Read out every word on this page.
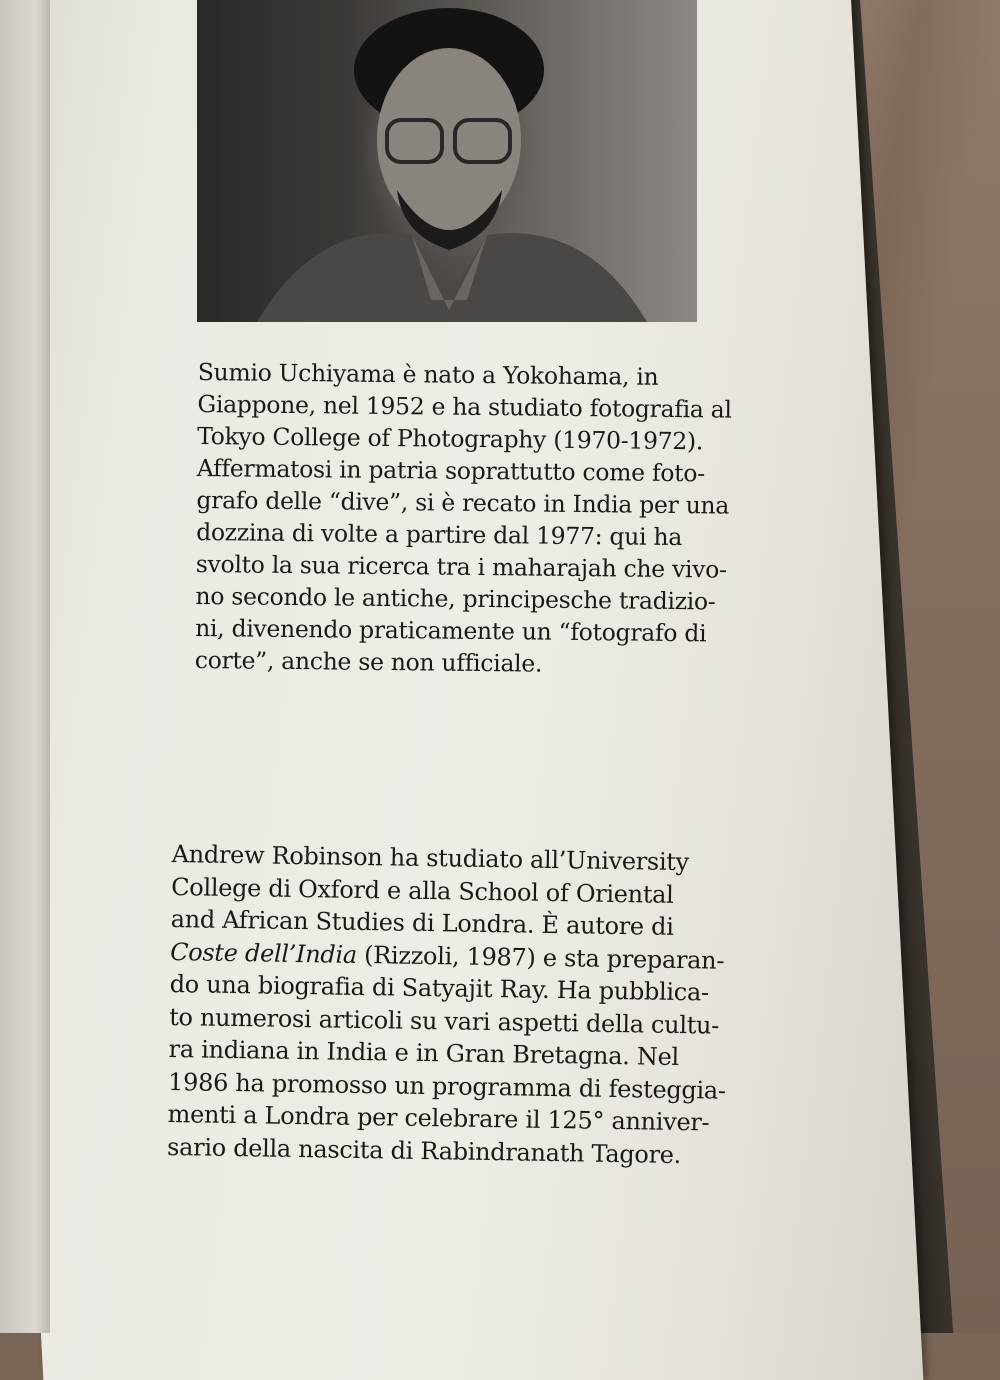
Sumio Uchiyama è nato a Yokohama, in
Giappone, nel 1952 e ha studiato fotografia al
Tokyo College of Photography (1970-1972).
Affermatosi in patria soprattutto come foto-
grafo delle “dive”, si è recato in India per una
dozzina di volte a partire dal 1977: qui ha
svolto la sua ricerca tra i maharajah che vivo-
no secondo le antiche, principesche tradizio-
ni, divenendo praticamente un “fotografo di
corte”, anche se non ufficiale.

Andrew Robinson ha studiato all’University
College di Oxford e alla School of Oriental
and African Studies di Londra. È autore di
Coste dell’India (Rizzoli, 1987) e sta preparan-
do una biografia di Satyajit Ray. Ha pubblica-
to numerosi articoli su vari aspetti della cultu-
ra indiana in India e in Gran Bretagna. Nel
1986 ha promosso un programma di festeggia-
menti a Londra per celebrare il 125° anniver-
sario della nascita di Rabindranath Tagore.
